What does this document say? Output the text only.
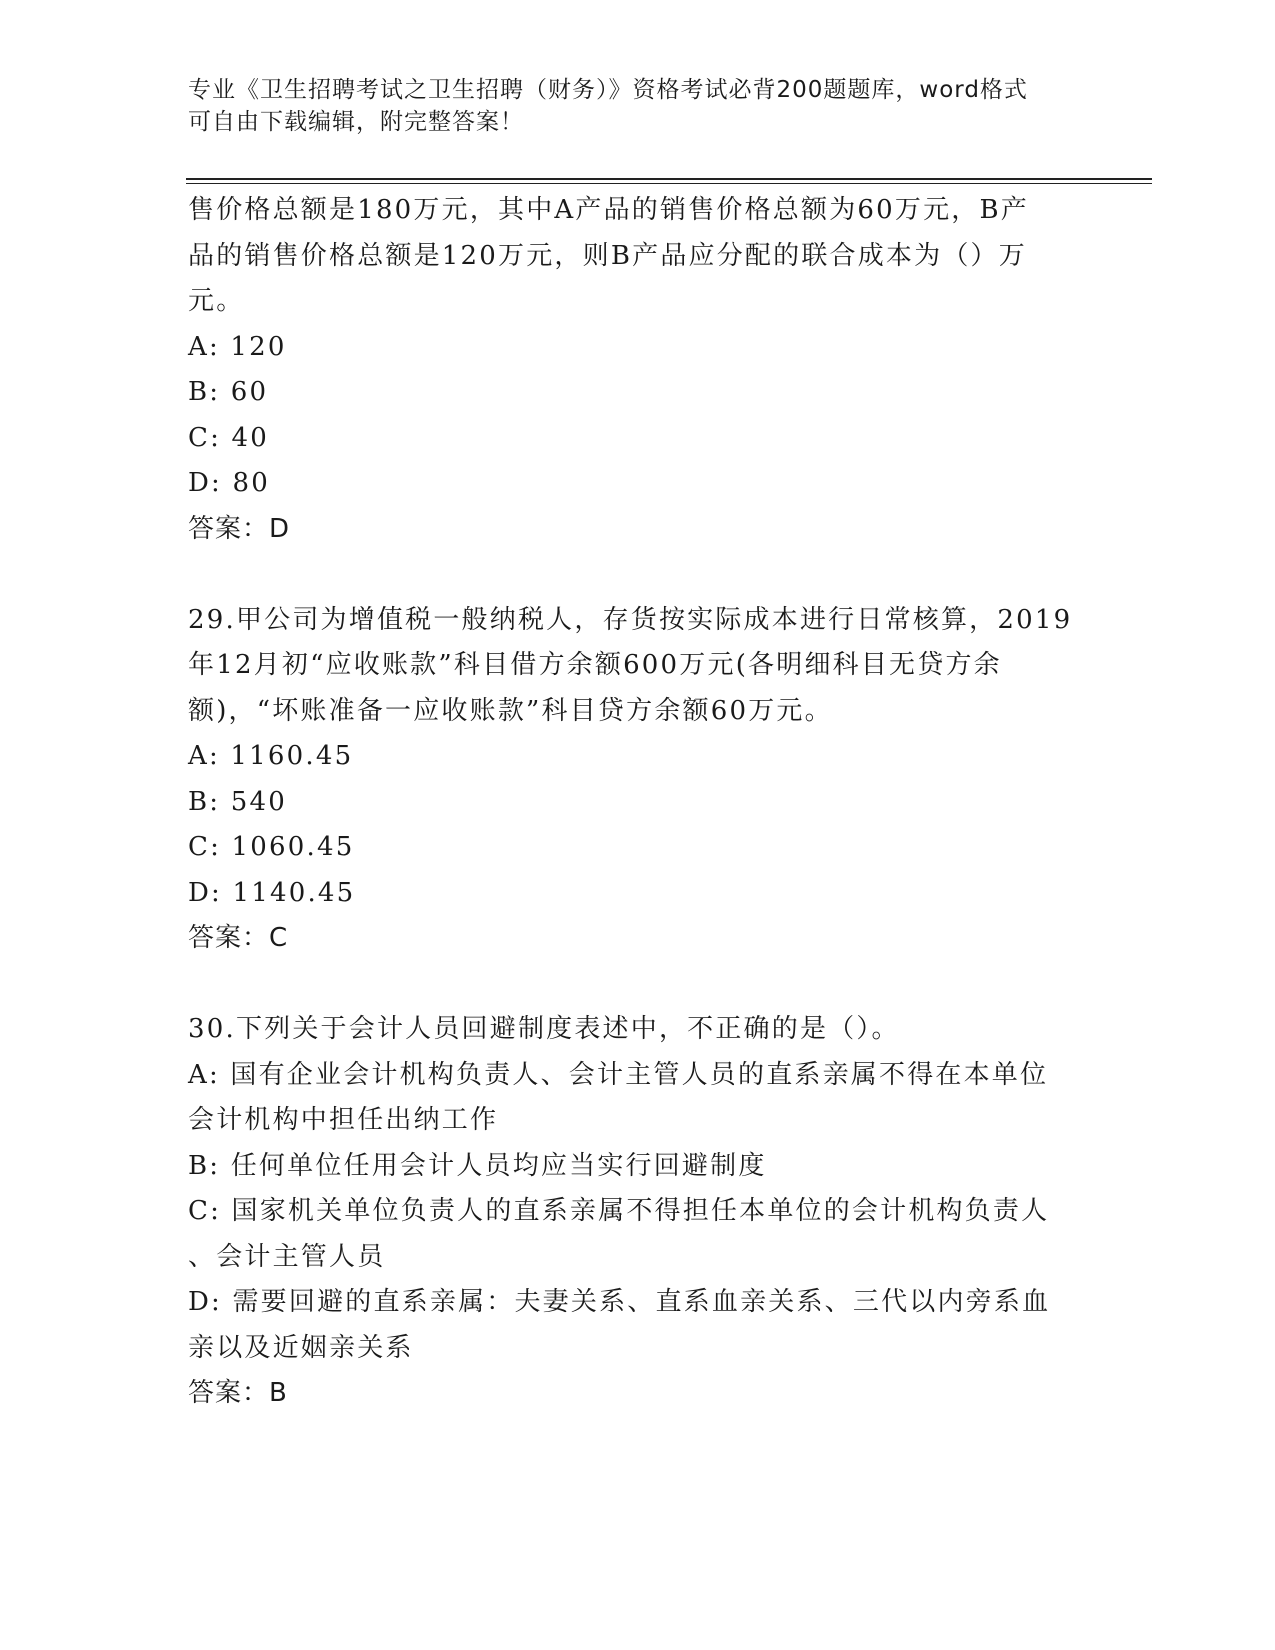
专业《卫生招聘考试之卫生招聘（财务）》资格考试必背200题题库，word格式
可自由下载编辑，附完整答案！

售价格总额是180万元，其中A产品的销售价格总额为60万元，B产

品的销售价格总额是120万元，则B产品应分配的联合成本为（）万

元。

A: 120

B: 60

C: 40

D: 80

答案：D

29.甲公司为增值税一般纳税人，存货按实际成本进行日常核算，2019

年12月初“应收账款”科目借方余额600万元(各明细科目无贷方余

额)，“坏账准备一应收账款”科目贷方余额60万元。

A: 1160.45

B: 540

C: 1060.45

D: 1140.45

答案：C

30.下列关于会计人员回避制度表述中，不正确的是（）。

A: 国有企业会计机构负责人、会计主管人员的直系亲属不得在本单位

会计机构中担任出纳工作

B: 任何单位任用会计人员均应当实行回避制度

C: 国家机关单位负责人的直系亲属不得担任本单位的会计机构负责人

、会计主管人员

D: 需要回避的直系亲属：夫妻关系、直系血亲关系、三代以内旁系血

亲以及近姻亲关系

答案：B
